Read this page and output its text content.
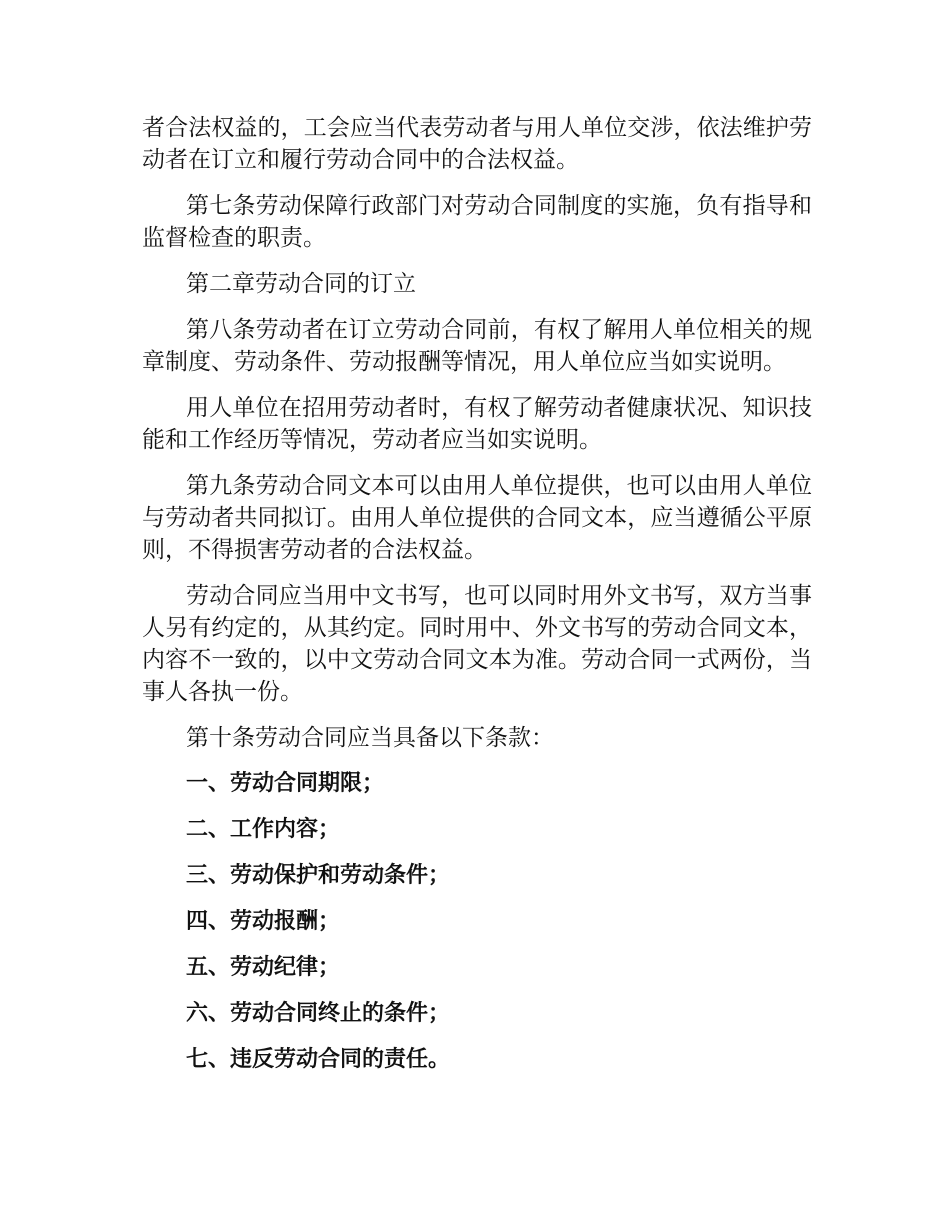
者合法权益的，工会应当代表劳动者与用人单位交涉，依法维护劳动者在订立和履行劳动合同中的合法权益。

第七条劳动保障行政部门对劳动合同制度的实施，负有指导和监督检查的职责。

第二章劳动合同的订立

第八条劳动者在订立劳动合同前，有权了解用人单位相关的规章制度、劳动条件、劳动报酬等情况，用人单位应当如实说明。

用人单位在招用劳动者时，有权了解劳动者健康状况、知识技能和工作经历等情况，劳动者应当如实说明。

第九条劳动合同文本可以由用人单位提供，也可以由用人单位与劳动者共同拟订。由用人单位提供的合同文本，应当遵循公平原则，不得损害劳动者的合法权益。

劳动合同应当用中文书写，也可以同时用外文书写，双方当事人另有约定的，从其约定。同时用中、外文书写的劳动合同文本，内容不一致的，以中文劳动合同文本为准。劳动合同一式两份，当事人各执一份。

第十条劳动合同应当具备以下条款：

一、劳动合同期限；
二、工作内容；
三、劳动保护和劳动条件；
四、劳动报酬；
五、劳动纪律；
六、劳动合同终止的条件；
七、违反劳动合同的责任。
